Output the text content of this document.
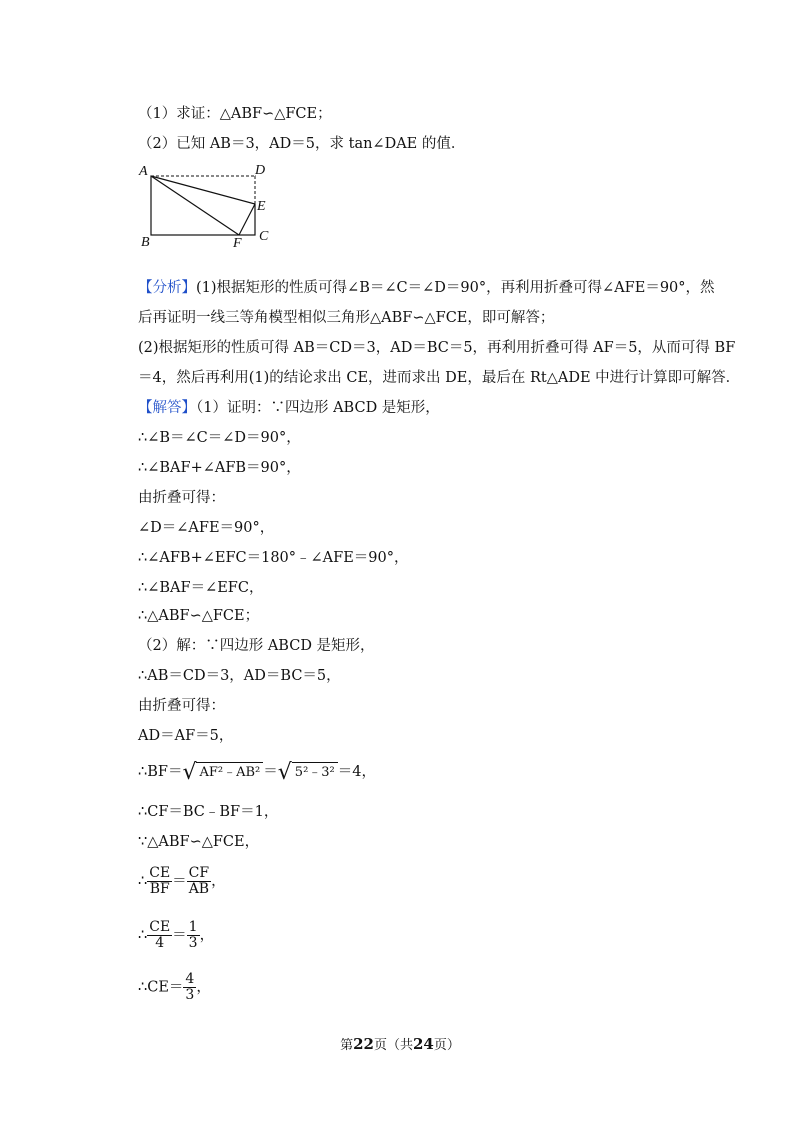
（1）求证：△ABF∽△FCE；
（2）已知 AB＝3，AD＝5，求 tan∠DAE 的值．
A	D
E
B	F C
【分析】(1)根据矩形的性质可得∠B＝∠C＝∠D＝90°，再利用折叠可得∠AFE＝90°，然
后再证明一线三等角模型相似三角形△ABF∽△FCE，即可解答；
(2)根据矩形的性质可得 AB＝CD＝3，AD＝BC＝5，再利用折叠可得 AF＝5，从而可得 BF
＝4，然后再利用(1)的结论求出 CE，进而求出 DE，最后在 Rt△ADE 中进行计算即可解答．
【解答】（1）证明：∵四边形 ABCD 是矩形，
∴∠B＝∠C＝∠D＝90°，
∴∠BAF+∠AFB＝90°，
由折叠可得：
∠D＝∠AFE＝90°，
∴∠AFB+∠EFC＝180°﹣∠AFE＝90°，
∴∠BAF＝∠EFC，
∴△ABF∽△FCE；
（2）解：∵四边形 ABCD 是矩形，
∴AB＝CD＝3，AD＝BC＝5，
由折叠可得：
AD＝AF＝5，
∴BF＝√ AF²﹣AB² ＝√ 5²﹣3² ＝4，
∴CF＝BC﹣BF＝1，
∵△ABF∽△FCE，
∴ $\frac{CE}{BF} = \frac{CF}{AB}$ ，
∴ $\frac{CE}{4} = \frac{1}{3}$ ，
∴CE＝ $\frac{4}{3}$ ，
第22页（共24页）
